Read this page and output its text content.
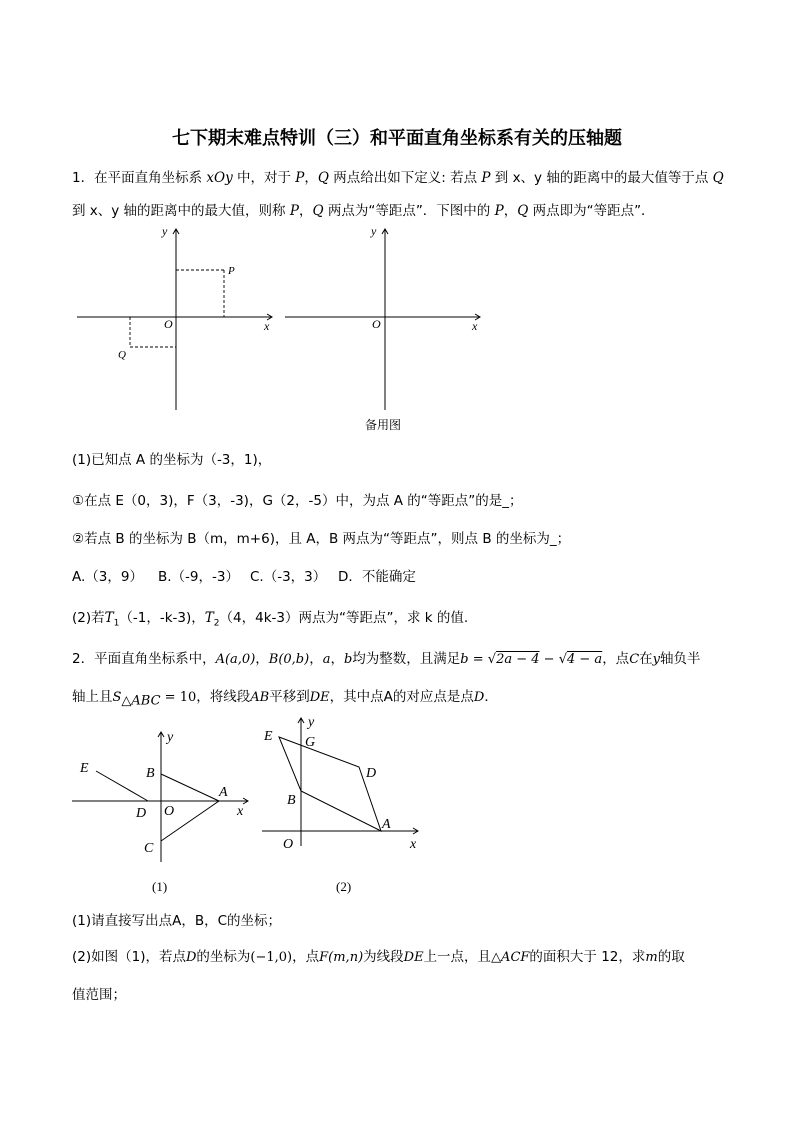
七下期末难点特训（三）和平面直角坐标系有关的压轴题
1．在平面直角坐标系 xOy 中，对于 P，Q 两点给出如下定义: 若点 P 到 x、y 轴的距离中的最大值等于点 Q
到 x、y 轴的距离中的最大值，则称 P，Q 两点为“等距点”．下图中的 P，Q 两点即为“等距点”．
y
x
O
P
Q
y
x
O
备用图
(1)已知点 A 的坐标为（-3，1)，
①在点 E（0，3)，F（3，-3)，G（2，-5）中，为点 A 的“等距点”的是_；
②若点 B 的坐标为 B（m，m+6)，且 A，B 两点为“等距点”，则点 B 的坐标为_；
A.（3，9） B.（-9，-3） C.（-3，3） D．不能确定
(2)若$T_1(-1$，-k-3)，$T_2(4$，4k-3）两点为“等距点”，求 k 的值.
2．平面直角坐标系中，A(a,0)，B(0,b)，a，b均为整数，且满足b = √2a − 4 − √4 − a，点C在y轴负半
轴上且$S_{\triangle ABC} = 10$，将线段AB平移到DE，其中点A的对应点是点D．
E
y
B
A
D O	x
C
(1)
y
E G
D
B
A
O	x
(2)
(1)请直接写出点A，B，C的坐标；
(2)如图（1)，若点D的坐标为(−1,0)，点F(m,n)为线段DE上一点，且△ACF的面积大于 12，求m的取
值范围；
